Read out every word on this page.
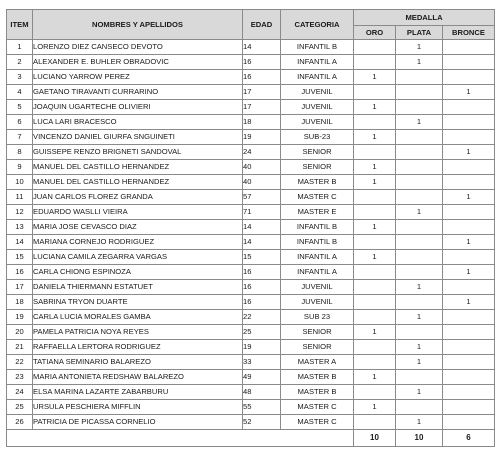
ITEM	NOMBRES Y APELLIDOS	EDAD	CATEGORIA	MEDALLA		
				ORO	PLATA	BRONCE
1	LORENZO DIEZ CANSECO DEVOTO	14	INFANTIL B		1	
2	ALEXANDER E. BUHLER OBRADOVIC	16	INFANTIL A		1	
3	LUCIANO YARROW PEREZ	16	INFANTIL A	1		
4	GAETANO TIRAVANTI CURRARINO	17	JUVENIL			1
5	JOAQUIN UGARTECHE OLIVIERI	17	JUVENIL	1		
6	LUCA LARI BRACESCO	18	JUVENIL		1	
7	VINCENZO DANIEL GIURFA SNGUINETI	19	SUB-23	1		
8	GUISSEPE RENZO BRIGNETI SANDOVAL	24	SENIOR			1
9	MANUEL DEL CASTILLO HERNANDEZ	40	SENIOR	1		
10	MANUEL DEL CASTILLO HERNANDEZ	40	MASTER B	1		
11	JUAN CARLOS FLOREZ GRANDA	57	MASTER C			1
12	EDUARDO WASLLI VIEIRA	71	MASTER E		1	
13	MARIA JOSE CEVASCO DIAZ	14	INFANTIL B	1		
14	MARIANA CORNEJO RODRIGUEZ	14	INFANTIL B			1
15	LUCIANA CAMILA ZEGARRA VARGAS	15	INFANTIL A	1		
16	CARLA CHIONG ESPINOZA	16	INFANTIL A			1
17	DANIELA THIERMANN ESTATUET	16	JUVENIL		1	
18	SABRINA TRYON DUARTE	16	JUVENIL			1
19	CARLA LUCIA MORALES GAMBA	22	SUB 23		1	
20	PAMELA PATRICIA NOYA REYES	25	SENIOR	1		
21	RAFFAELLA LERTORA RODRIGUEZ	19	SENIOR		1	
22	TATIANA SEMINARIO BALAREZO	33	MASTER A		1	
23	MARIA ANTONIETA REDSHAW BALAREZO	49	MASTER B	1		
24	ELSA MARINA LAZARTE ZABARBURU	48	MASTER B		1	
25	URSULA PESCHIERA MIFFLIN	55	MASTER C	1		
26	PATRICIA DE PICASSA CORNELIO	52	MASTER C		1	
				10	10	6
